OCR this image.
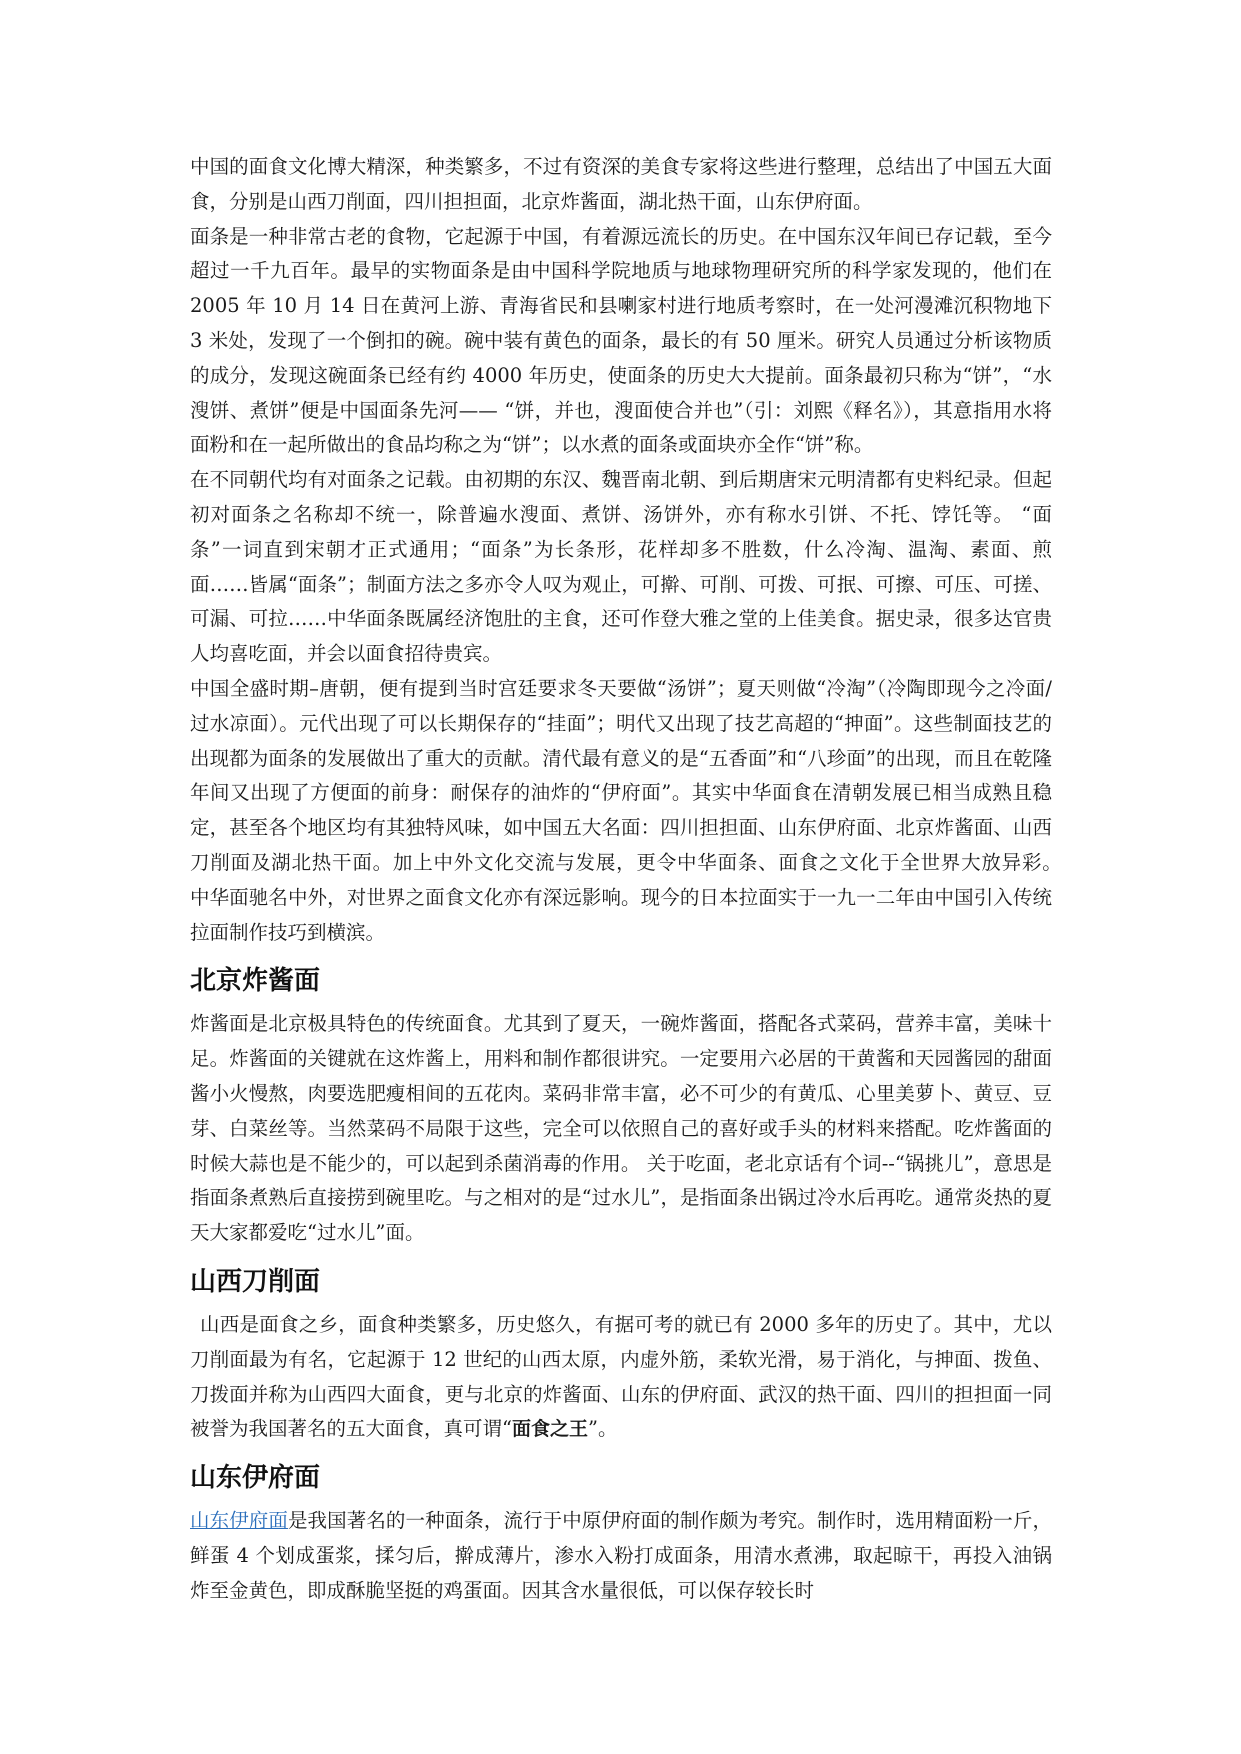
中国的面食文化博大精深，种类繁多，不过有资深的美食专家将这些进行整理，总结出了中国五大面食，分别是山西刀削面，四川担担面，北京炸酱面，湖北热干面，山东伊府面。

面条是一种非常古老的食物，它起源于中国，有着源远流长的历史。在中国东汉年间已存记载，至今超过一千九百年。最早的实物面条是由中国科学院地质与地球物理研究所的科学家发现的，他们在 2005 年 10 月 14 日在黄河上游、青海省民和县喇家村进行地质考察时，在一处河漫滩沉积物地下 3 米处，发现了一个倒扣的碗。碗中装有黄色的面条，最长的有 50 厘米。研究人员通过分析该物质的成分，发现这碗面条已经有约 4000 年历史，使面条的历史大大提前。面条最初只称为“饼”，“水溲饼、煮饼”便是中国面条先河—— “饼，并也，溲面使合并也”（引：刘熙《释名》），其意指用水将面粉和在一起所做出的食品均称之为“饼”；以水煮的面条或面块亦全作“饼”称。

在不同朝代均有对面条之记载。由初期的东汉、魏晋南北朝、到后期唐宋元明清都有史料纪录。但起初对面条之名称却不统一，除普遍水溲面、煮饼、汤饼外，亦有称水引饼、不托、饽饦等。 “面条”一词直到宋朝才正式通用；“面条”为长条形，花样却多不胜数，什么冷淘、温淘、素面、煎面……皆属“面条”；制面方法之多亦令人叹为观止，可擀、可削、可拨、可抿、可擦、可压、可搓、可漏、可拉……中华面条既属经济饱肚的主食，还可作登大雅之堂的上佳美食。据史录，很多达官贵人均喜吃面，并会以面食招待贵宾。

中国全盛时期–唐朝，便有提到当时宫廷要求冬天要做“汤饼”；夏天则做“冷淘”（冷陶即现今之冷面/过水凉面）。元代出现了可以长期保存的“挂面”；明代又出现了技艺高超的“抻面”。这些制面技艺的出现都为面条的发展做出了重大的贡献。清代最有意义的是“五香面”和“八珍面”的出现，而且在乾隆年间又出现了方便面的前身：耐保存的油炸的“伊府面”。其实中华面食在清朝发展已相当成熟且稳定，甚至各个地区均有其独特风味，如中国五大名面：四川担担面、山东伊府面、北京炸酱面、山西刀削面及湖北热干面。加上中外文化交流与发展，更令中华面条、面食之文化于全世界大放异彩。　　　中华面驰名中外，对世界之面食文化亦有深远影响。现今的日本拉面实于一九一二年由中国引入传统拉面制作技巧到横滨。

北京炸酱面

炸酱面是北京极具特色的传统面食。尤其到了夏天，一碗炸酱面，搭配各式菜码，营养丰富，美味十足。炸酱面的关键就在这炸酱上，用料和制作都很讲究。一定要用六必居的干黄酱和天园酱园的甜面酱小火慢熬，肉要选肥瘦相间的五花肉。菜码非常丰富，必不可少的有黄瓜、心里美萝卜、黄豆、豆芽、白菜丝等。当然菜码不局限于这些，完全可以依照自己的喜好或手头的材料来搭配。吃炸酱面的时候大蒜也是不能少的，可以起到杀菌消毒的作用。 关于吃面，老北京话有个词--“锅挑儿”，意思是指面条煮熟后直接捞到碗里吃。与之相对的是“过水儿”，是指面条出锅过冷水后再吃。通常炎热的夏天大家都爱吃“过水儿”面。

山西刀削面

山西是面食之乡，面食种类繁多，历史悠久，有据可考的就已有 2000 多年的历史了。其中，尤以刀削面最为有名，它起源于 12 世纪的山西太原，内虚外筋，柔软光滑，易于消化，与抻面、拨鱼、刀拨面并称为山西四大面食，更与北京的炸酱面、山东的伊府面、武汉的热干面、四川的担担面一同被誉为我国著名的五大面食，真可谓“面食之王”。

山东伊府面

山东伊府面是我国著名的一种面条，流行于中原伊府面的制作颇为考究。制作时，选用精面粉一斤，鲜蛋 4 个划成蛋浆，揉匀后，擀成薄片，渗水入粉打成面条，用清水煮沸，取起晾干，再投入油锅炸至金黄色，即成酥脆坚挺的鸡蛋面。因其含水量很低，可以保存较长时
